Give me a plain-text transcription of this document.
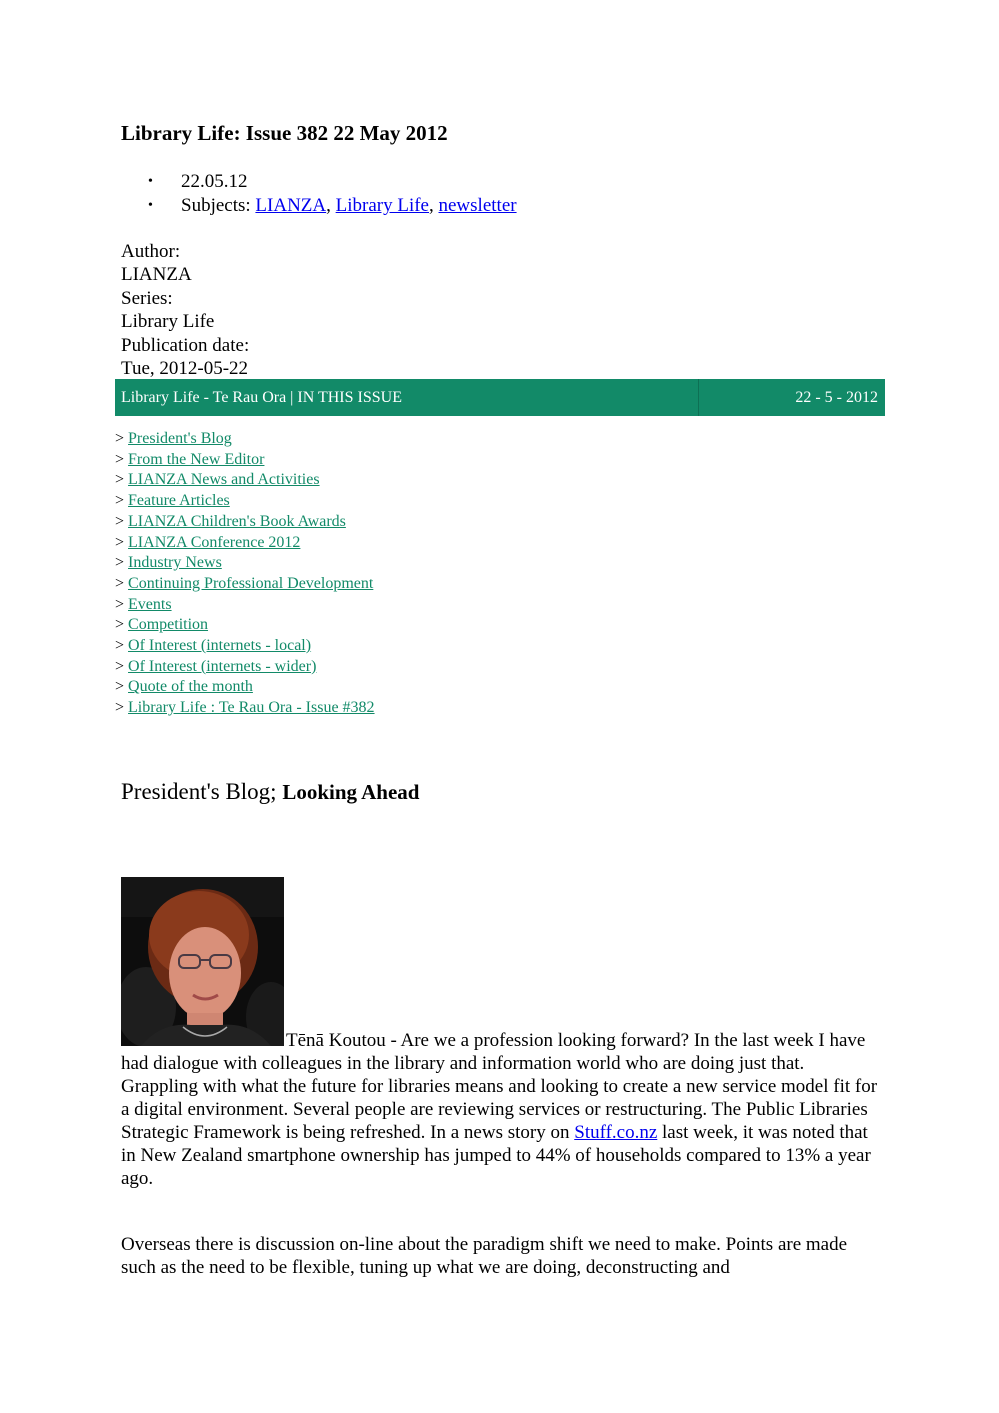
Library Life: Issue 382 22 May 2012
• 22.05.12
• Subjects: LIANZA, Library Life, newsletter
Author:
LIANZA
Series:
Library Life
Publication date:
Tue, 2012-05-22
Library Life - Te Rau Ora | IN THIS ISSUE	22 - 5 - 2012
> President's Blog
> From the New Editor
> LIANZA News and Activities
> Feature Articles
> LIANZA Children's Book Awards
> LIANZA Conference 2012
> Industry News
> Continuing Professional Development
> Events
> Competition
> Of Interest (internets - local)
> Of Interest (internets - wider)
> Quote of the month
> Library Life : Te Rau Ora - Issue #382
President's Blog; Looking Ahead

Tēnā Koutou - Are we a profession looking forward? In the last week I have had dialogue with colleagues in the library and information world who are doing just that. Grappling with what the future for libraries means and looking to create a new service model fit for a digital environment. Several people are reviewing services or restructuring. The Public Libraries Strategic Framework is being refreshed. In a news story on Stuff.co.nz last week, it was noted that in New Zealand smartphone ownership has jumped to 44% of households compared to 13% a year ago.

Overseas there is discussion on-line about the paradigm shift we need to make. Points are made such as the need to be flexible, tuning up what we are doing, deconstructing and
